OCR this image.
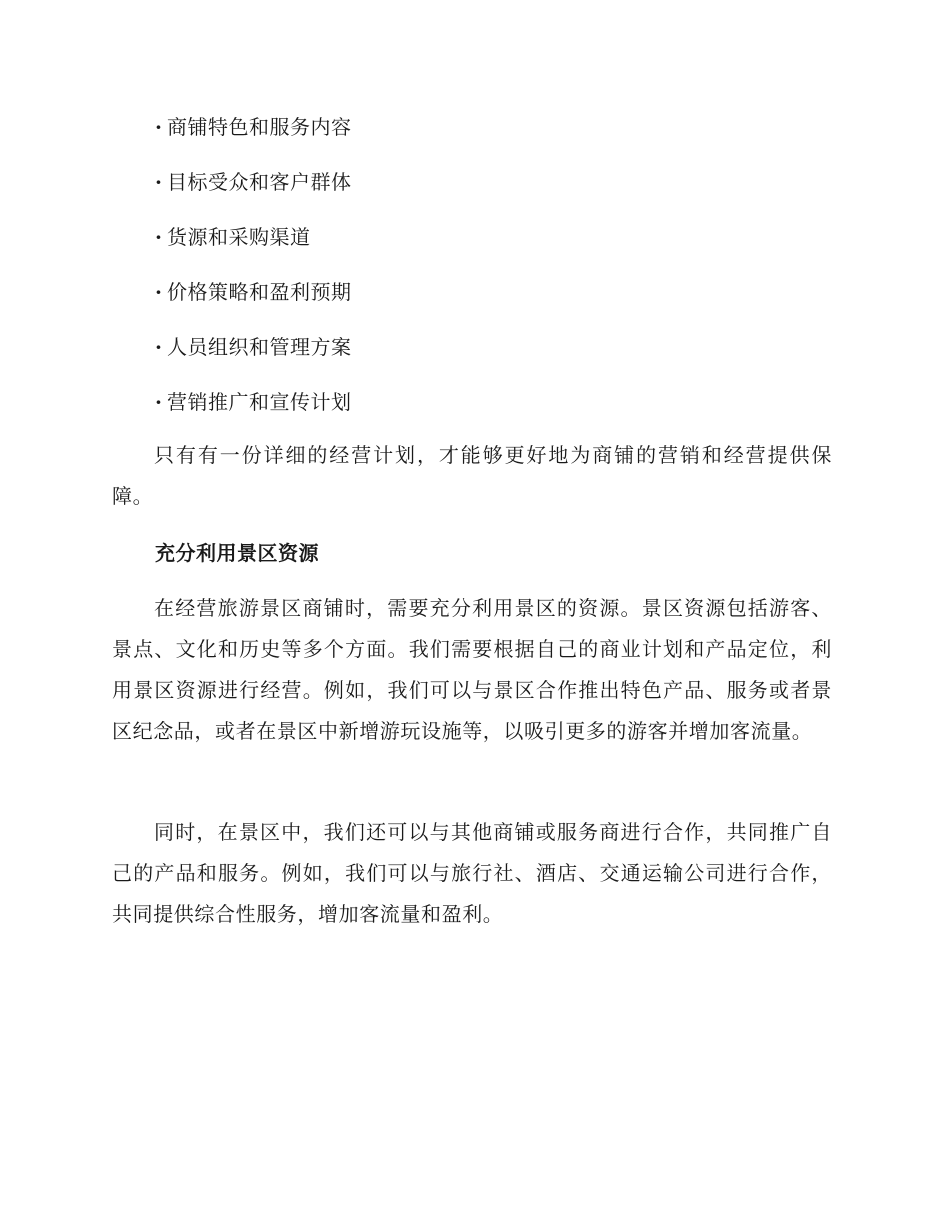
· 商铺特色和服务内容
· 目标受众和客户群体
· 货源和采购渠道
· 价格策略和盈利预期
· 人员组织和管理方案
· 营销推广和宣传计划

只有有一份详细的经营计划，才能够更好地为商铺的营销和经营提供保障。

充分利用景区资源

在经营旅游景区商铺时，需要充分利用景区的资源。景区资源包括游客、景点、文化和历史等多个方面。我们需要根据自己的商业计划和产品定位，利用景区资源进行经营。例如，我们可以与景区合作推出特色产品、服务或者景区纪念品，或者在景区中新增游玩设施等，以吸引更多的游客并增加客流量。

同时，在景区中，我们还可以与其他商铺或服务商进行合作，共同推广自己的产品和服务。例如，我们可以与旅行社、酒店、交通运输公司进行合作，共同提供综合性服务，增加客流量和盈利。
